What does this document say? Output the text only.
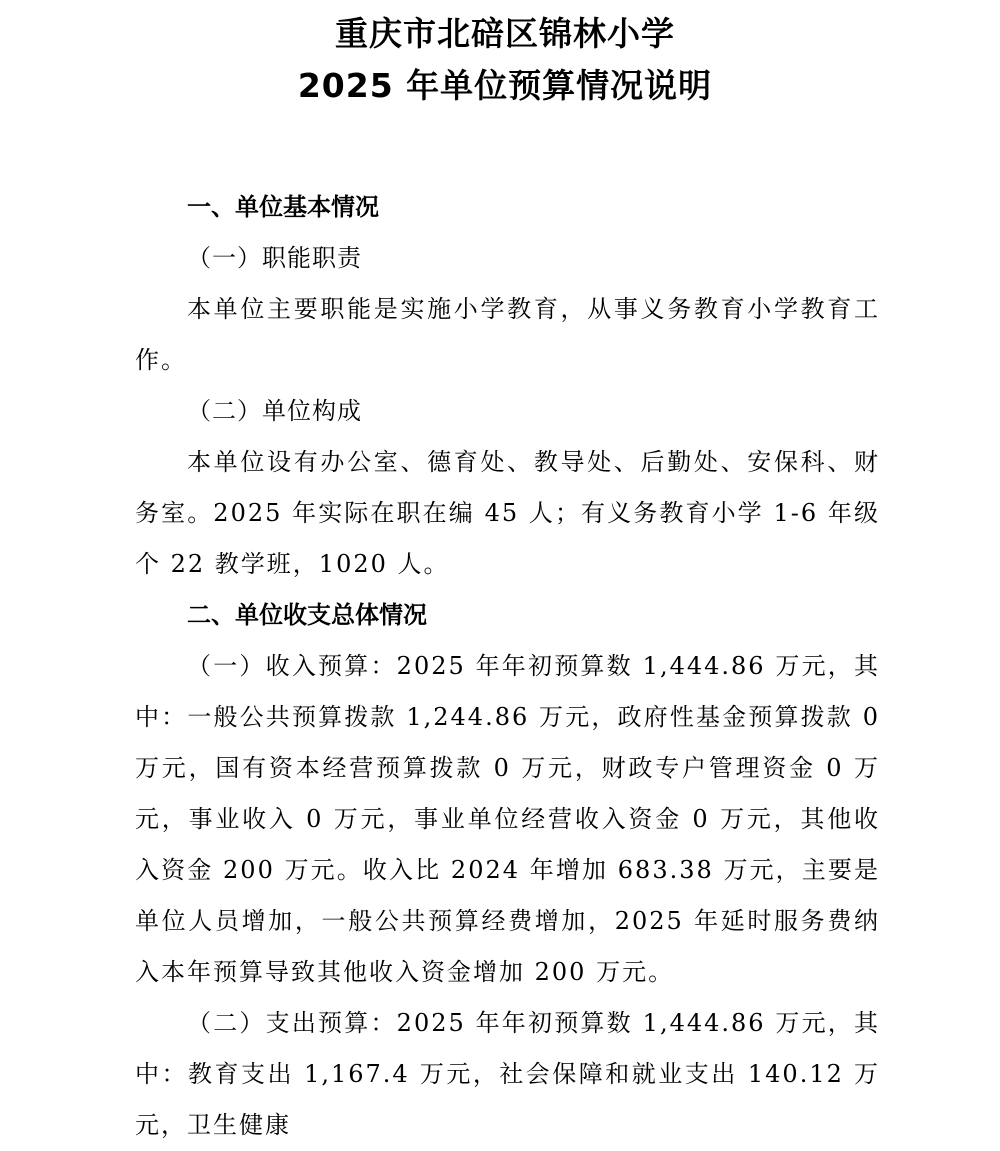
重庆市北碚区锦林小学

2025 年单位预算情况说明

一、单位基本情况

（一）职能职责

本单位主要职能是实施小学教育，从事义务教育小学教育工作。

（二）单位构成

本单位设有办公室、德育处、教导处、后勤处、安保科、财务室。2025 年实际在职在编 45 人；有义务教育小学 1-6 年级个 22 教学班，1020 人。

二、单位收支总体情况

（一）收入预算：2025 年年初预算数 1,444.86 万元，其中：一般公共预算拨款 1,244.86 万元，政府性基金预算拨款 0 万元，国有资本经营预算拨款 0 万元，财政专户管理资金 0 万元，事业收入 0 万元，事业单位经营收入资金 0 万元，其他收入资金 200 万元。收入比 2024 年增加 683.38 万元，主要是单位人员增加，一般公共预算经费增加，2025 年延时服务费纳入本年预算导致其他收入资金增加 200 万元。

（二）支出预算：2025 年年初预算数 1,444.86 万元，其中：教育支出 1,167.4 万元，社会保障和就业支出 140.12 万元，卫生健康
